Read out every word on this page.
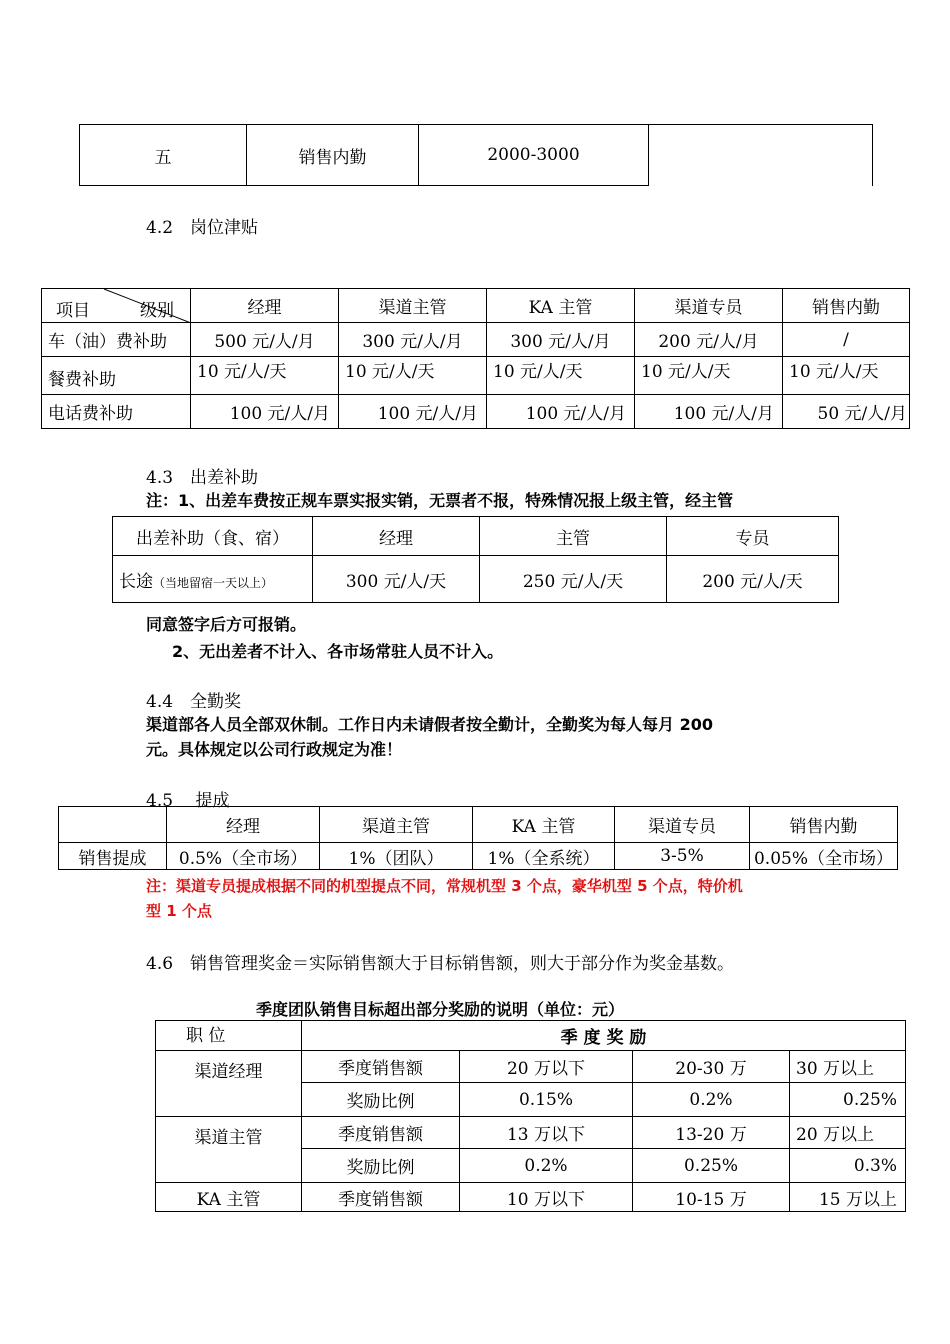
五	销售内勤	2000-3000	
4.2　岗位津贴
项目 级别	经理	渠道主管	KA 主管	渠道专员	销售内勤
车（油）费补助	500 元/人/月	300 元/人/月	300 元/人/月	200 元/人/月	/
餐费补助	10 元/人/天	10 元/人/天	10 元/人/天	10 元/人/天	10 元/人/天
电话费补助	100 元/人/月	100 元/人/月	100 元/人/月	100 元/人/月	50 元/人/月
4.3　出差补助
注：1、出差车费按正规车票实报实销，无票者不报，特殊情况报上级主管，经主管
出差补助（食、宿）	经理	主管	专员
长途（当地留宿一天以上）	300 元/人/天	250 元/人/天	200 元/人/天
同意签字后方可报销。
2、无出差者不计入、各市场常驻人员不计入。
4.4　全勤奖
渠道部各人员全部双休制。工作日内未请假者按全勤计，全勤奖为每人每月 200
元。具体规定以公司行政规定为准！
4.5　 提成
	经理	渠道主管	KA 主管	渠道专员	销售内勤
销售提成	0.5%（全市场）	1%（团队）	1%（全系统）	3-5%	0.05%（全市场）
注：渠道专员提成根据不同的机型提点不同，常规机型 3 个点，豪华机型 5 个点，特价机
型 1 个点
4.6　销售管理奖金＝实际销售额大于目标销售额，则大于部分作为奖金基数。
季度团队销售目标超出部分奖励的说明（单位：元）
职 位	季 度 奖 励			
渠道经理	季度销售额	20 万以下	20-30 万	30 万以上
	奖励比例	0.15%	0.2%	0.25%
渠道主管	季度销售额	13 万以下	13-20 万	20 万以上
	奖励比例	0.2%	0.25%	0.3%
KA 主管	季度销售额	10 万以下	10-15 万	15 万以上
